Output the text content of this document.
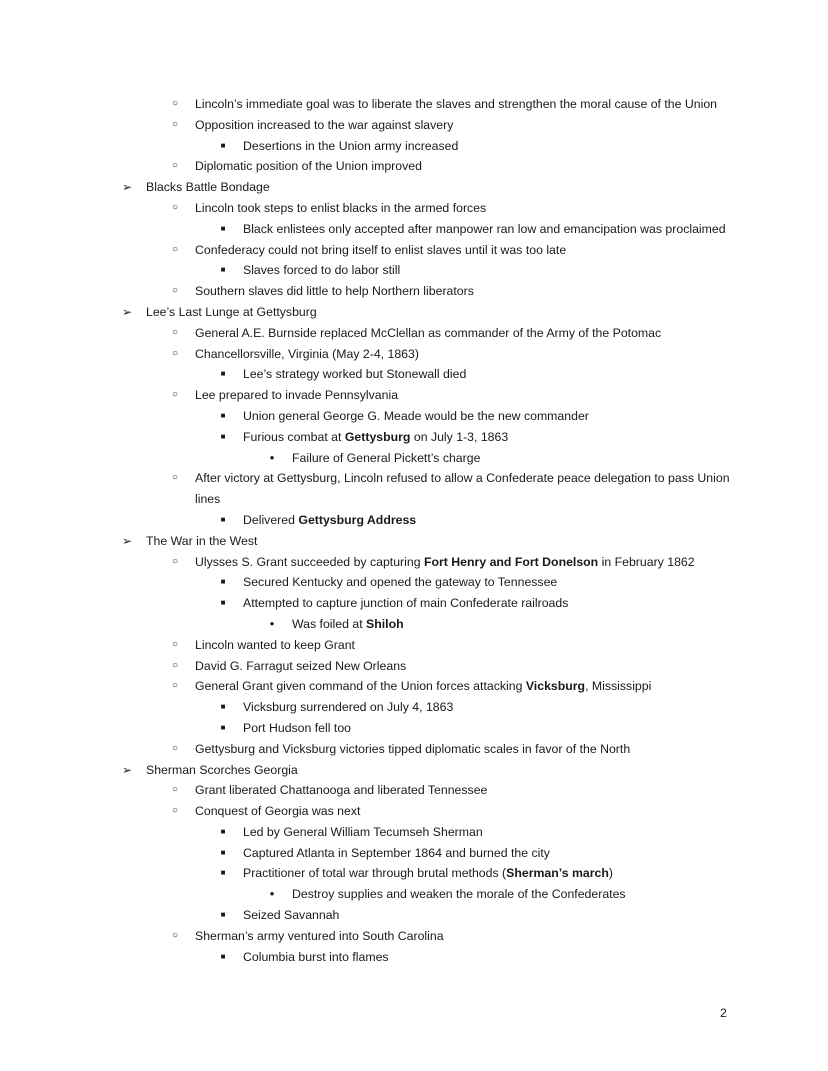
○	Lincoln’s immediate goal was to liberate the slaves and strengthen the moral cause of the Union
○	Opposition increased to the war against slavery
■	Desertions in the Union army increased
○	Diplomatic position of the Union improved
➢ Blacks Battle Bondage
○	Lincoln took steps to enlist blacks in the armed forces
■	Black enlistees only accepted after manpower ran low and emancipation was proclaimed
○	Confederacy could not bring itself to enlist slaves until it was too late
■	Slaves forced to do labor still
○	Southern slaves did little to help Northern liberators
➢ Lee’s Last Lunge at Gettysburg
○	General A.E. Burnside replaced McClellan as commander of the Army of the Potomac
○	Chancellorsville, Virginia (May 2-4, 1863)
■	Lee’s strategy worked but Stonewall died
○	Lee prepared to invade Pennsylvania
■	Union general George G. Meade would be the new commander
■	Furious combat at Gettysburg on July 1-3, 1863
●	Failure of General Pickett’s charge
○	After victory at Gettysburg, Lincoln refused to allow a Confederate peace delegation to pass Union lines
■	Delivered Gettysburg Address
➢ The War in the West
○	Ulysses S. Grant succeeded by capturing Fort Henry and Fort Donelson in February 1862
■	Secured Kentucky and opened the gateway to Tennessee
■	Attempted to capture junction of main Confederate railroads
●	Was foiled at Shiloh
○	Lincoln wanted to keep Grant
○	David G. Farragut seized New Orleans
○	General Grant given command of the Union forces attacking Vicksburg, Mississippi
■	Vicksburg surrendered on July 4, 1863
■	Port Hudson fell too
○	Gettysburg and Vicksburg victories tipped diplomatic scales in favor of the North
➢ Sherman Scorches Georgia
○	Grant liberated Chattanooga and liberated Tennessee
○	Conquest of Georgia was next
■	Led by General William Tecumseh Sherman
■	Captured Atlanta in September 1864 and burned the city
■	Practitioner of total war through brutal methods (Sherman’s march)
●	Destroy supplies and weaken the morale of the Confederates
■	Seized Savannah
○	Sherman’s army ventured into South Carolina
■	Columbia burst into flames
2
